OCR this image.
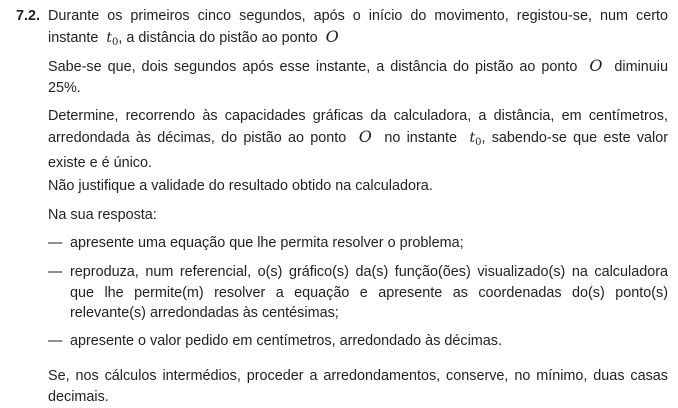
7.2. Durante os primeiros cinco segundos, após o início do movimento, registou-se, num certo instante $t_0$, a distância do pistão ao ponto O

Sabe-se que, dois segundos após esse instante, a distância do pistão ao ponto O diminuiu 25%.

Determine, recorrendo às capacidades gráficas da calculadora, a distância, em centímetros, arredondada às décimas, do pistão ao ponto O no instante $t_0$, sabendo-se que este valor existe e é único.

Não justifique a validade do resultado obtido na calculadora.

Na sua resposta:

— apresente uma equação que lhe permita resolver o problema;
— reproduza, num referencial, o(s) gráfico(s) da(s) função(ões) visualizado(s) na calculadora que lhe permite(m) resolver a equação e apresente as coordenadas do(s) ponto(s) relevante(s) arredondadas às centésimas;
— apresente o valor pedido em centímetros, arredondado às décimas.

Se, nos cálculos intermédios, proceder a arredondamentos, conserve, no mínimo, duas casas decimais.
